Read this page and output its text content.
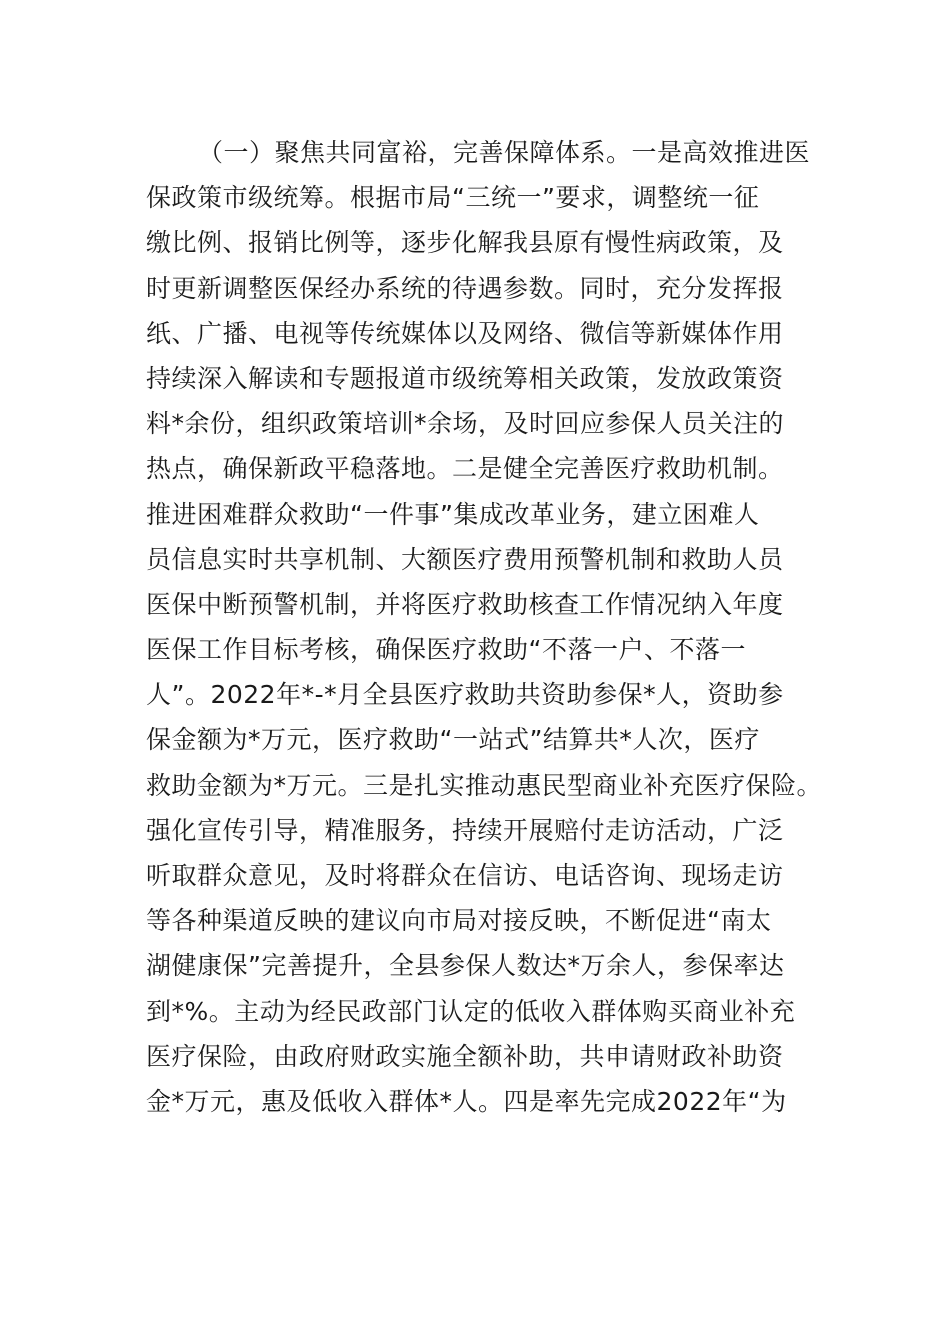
（一）聚焦共同富裕，完善保障体系。一是高效推进医
保政策市级统筹。根据市局“三统一”要求，调整统一征
缴比例、报销比例等，逐步化解我县原有慢性病政策，及
时更新调整医保经办系统的待遇参数。同时，充分发挥报
纸、广播、电视等传统媒体以及网络、微信等新媒体作用
持续深入解读和专题报道市级统筹相关政策，发放政策资
料*余份，组织政策培训*余场，及时回应参保人员关注的
热点，确保新政平稳落地。二是健全完善医疗救助机制。
推进困难群众救助“一件事”集成改革业务，建立困难人
员信息实时共享机制、大额医疗费用预警机制和救助人员
医保中断预警机制，并将医疗救助核查工作情况纳入年度
医保工作目标考核，确保医疗救助“不落一户、不落一
人”。2022年*-*月全县医疗救助共资助参保*人，资助参
保金额为*万元，医疗救助“一站式”结算共*人次，医疗
救助金额为*万元。三是扎实推动惠民型商业补充医疗保险。
强化宣传引导，精准服务，持续开展赔付走访活动，广泛
听取群众意见，及时将群众在信访、电话咨询、现场走访
等各种渠道反映的建议向市局对接反映，不断促进“南太
湖健康保”完善提升，全县参保人数达*万余人，参保率达
到*%。主动为经民政部门认定的低收入群体购买商业补充
医疗保险，由政府财政实施全额补助，共申请财政补助资
金*万元，惠及低收入群体*人。四是率先完成2022年“为
